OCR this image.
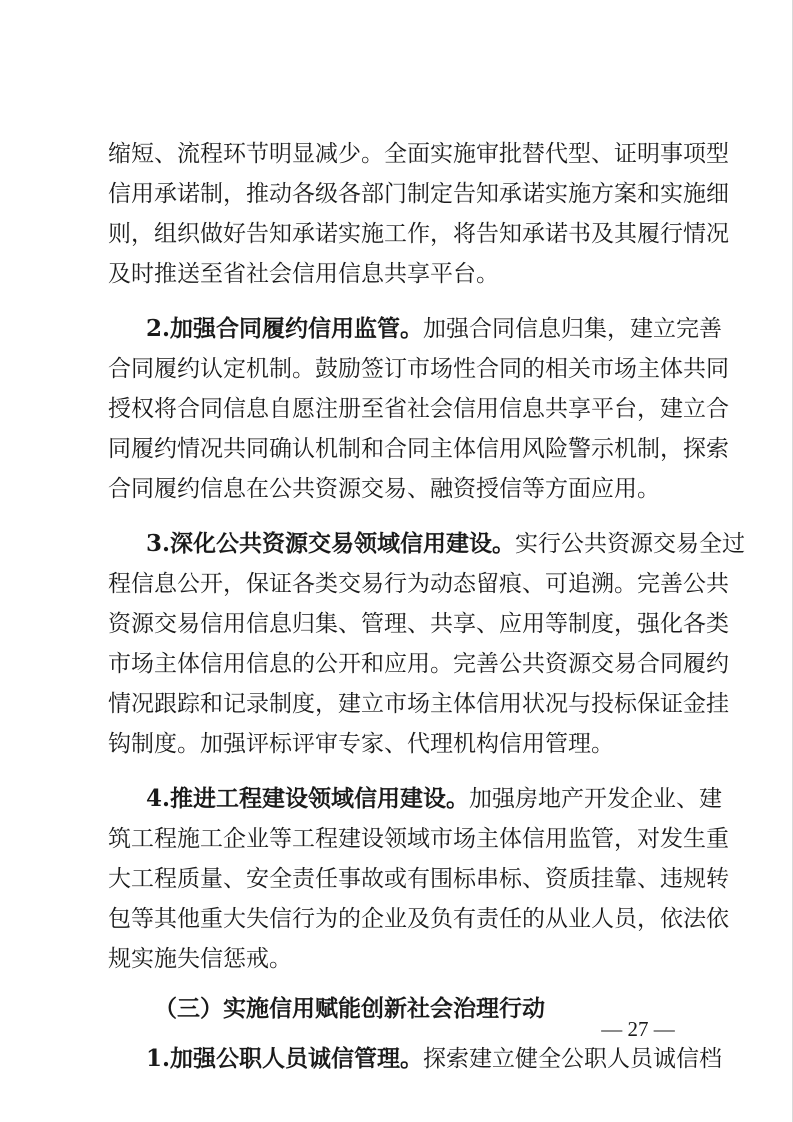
缩短、流程环节明显减少。全面实施审批替代型、证明事项型
信用承诺制，推动各级各部门制定告知承诺实施方案和实施细
则，组织做好告知承诺实施工作，将告知承诺书及其履行情况
及时推送至省社会信用信息共享平台。
2.加强合同履约信用监管。加强合同信息归集，建立完善
合同履约认定机制。鼓励签订市场性合同的相关市场主体共同
授权将合同信息自愿注册至省社会信用信息共享平台，建立合
同履约情况共同确认机制和合同主体信用风险警示机制，探索
合同履约信息在公共资源交易、融资授信等方面应用。
3.深化公共资源交易领域信用建设。实行公共资源交易全过
程信息公开，保证各类交易行为动态留痕、可追溯。完善公共
资源交易信用信息归集、管理、共享、应用等制度，强化各类
市场主体信用信息的公开和应用。完善公共资源交易合同履约
情况跟踪和记录制度，建立市场主体信用状况与投标保证金挂
钩制度。加强评标评审专家、代理机构信用管理。
4.推进工程建设领域信用建设。加强房地产开发企业、建
筑工程施工企业等工程建设领域市场主体信用监管，对发生重
大工程质量、安全责任事故或有围标串标、资质挂靠、违规转
包等其他重大失信行为的企业及负有责任的从业人员，依法依
规实施失信惩戒。
（三）实施信用赋能创新社会治理行动
1.加强公职人员诚信管理。探索建立健全公职人员诚信档
— 27 —
